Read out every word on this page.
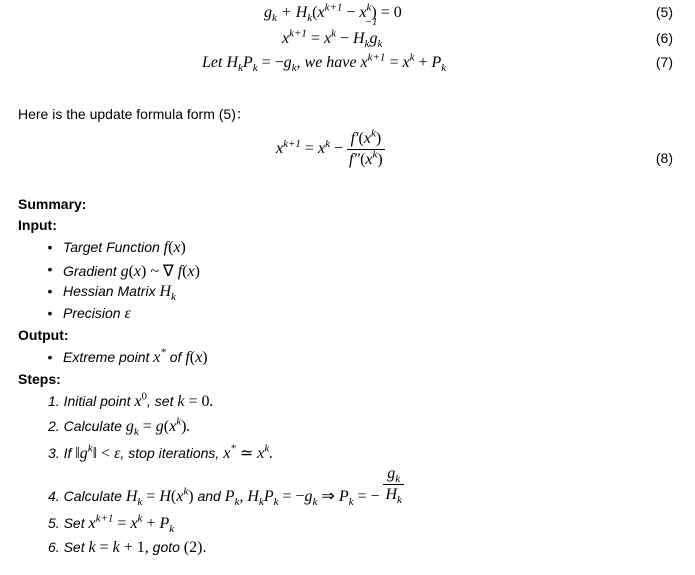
$g_k + H_k(x^{k+1} - x^k) = 0$	(5)
$x^{k+1} = x^k - H$
$_{-1 k}g_k$	(6)
Let $H_kP_k = -g_k$, we have $x^{k+1} = x^k + P_k$	(7)
Here is the update formula form (5)：
$x^{k+1} = x^k - \frac{f'(x^k)}{f''(x^k)}$	(8)
Summary:
Input:
• Target Function f(x)
• Gradient g(x) ~ ∇ f(x)
• Hessian Matrix $H_k$
• Precision ε
Output:
• Extreme point x* of f(x)
Steps:
1. Initial point $x^0$, set k = 0.
2. Calculate $g_k = g(x^k)$.
3. If $‖g^k‖ < \varepsilon$, stop iterations, x* ≃ $x^k$.
4. Calculate $H_k = H(x^k)$ and $P_k$, $H_kP_k = -g_k$ ⇒ $P_k$ = − $\frac{g_k}{H_k}$
5. Set $x^{k+1} = x^k + P_k$
6. Set k = k + 1, goto (2).
